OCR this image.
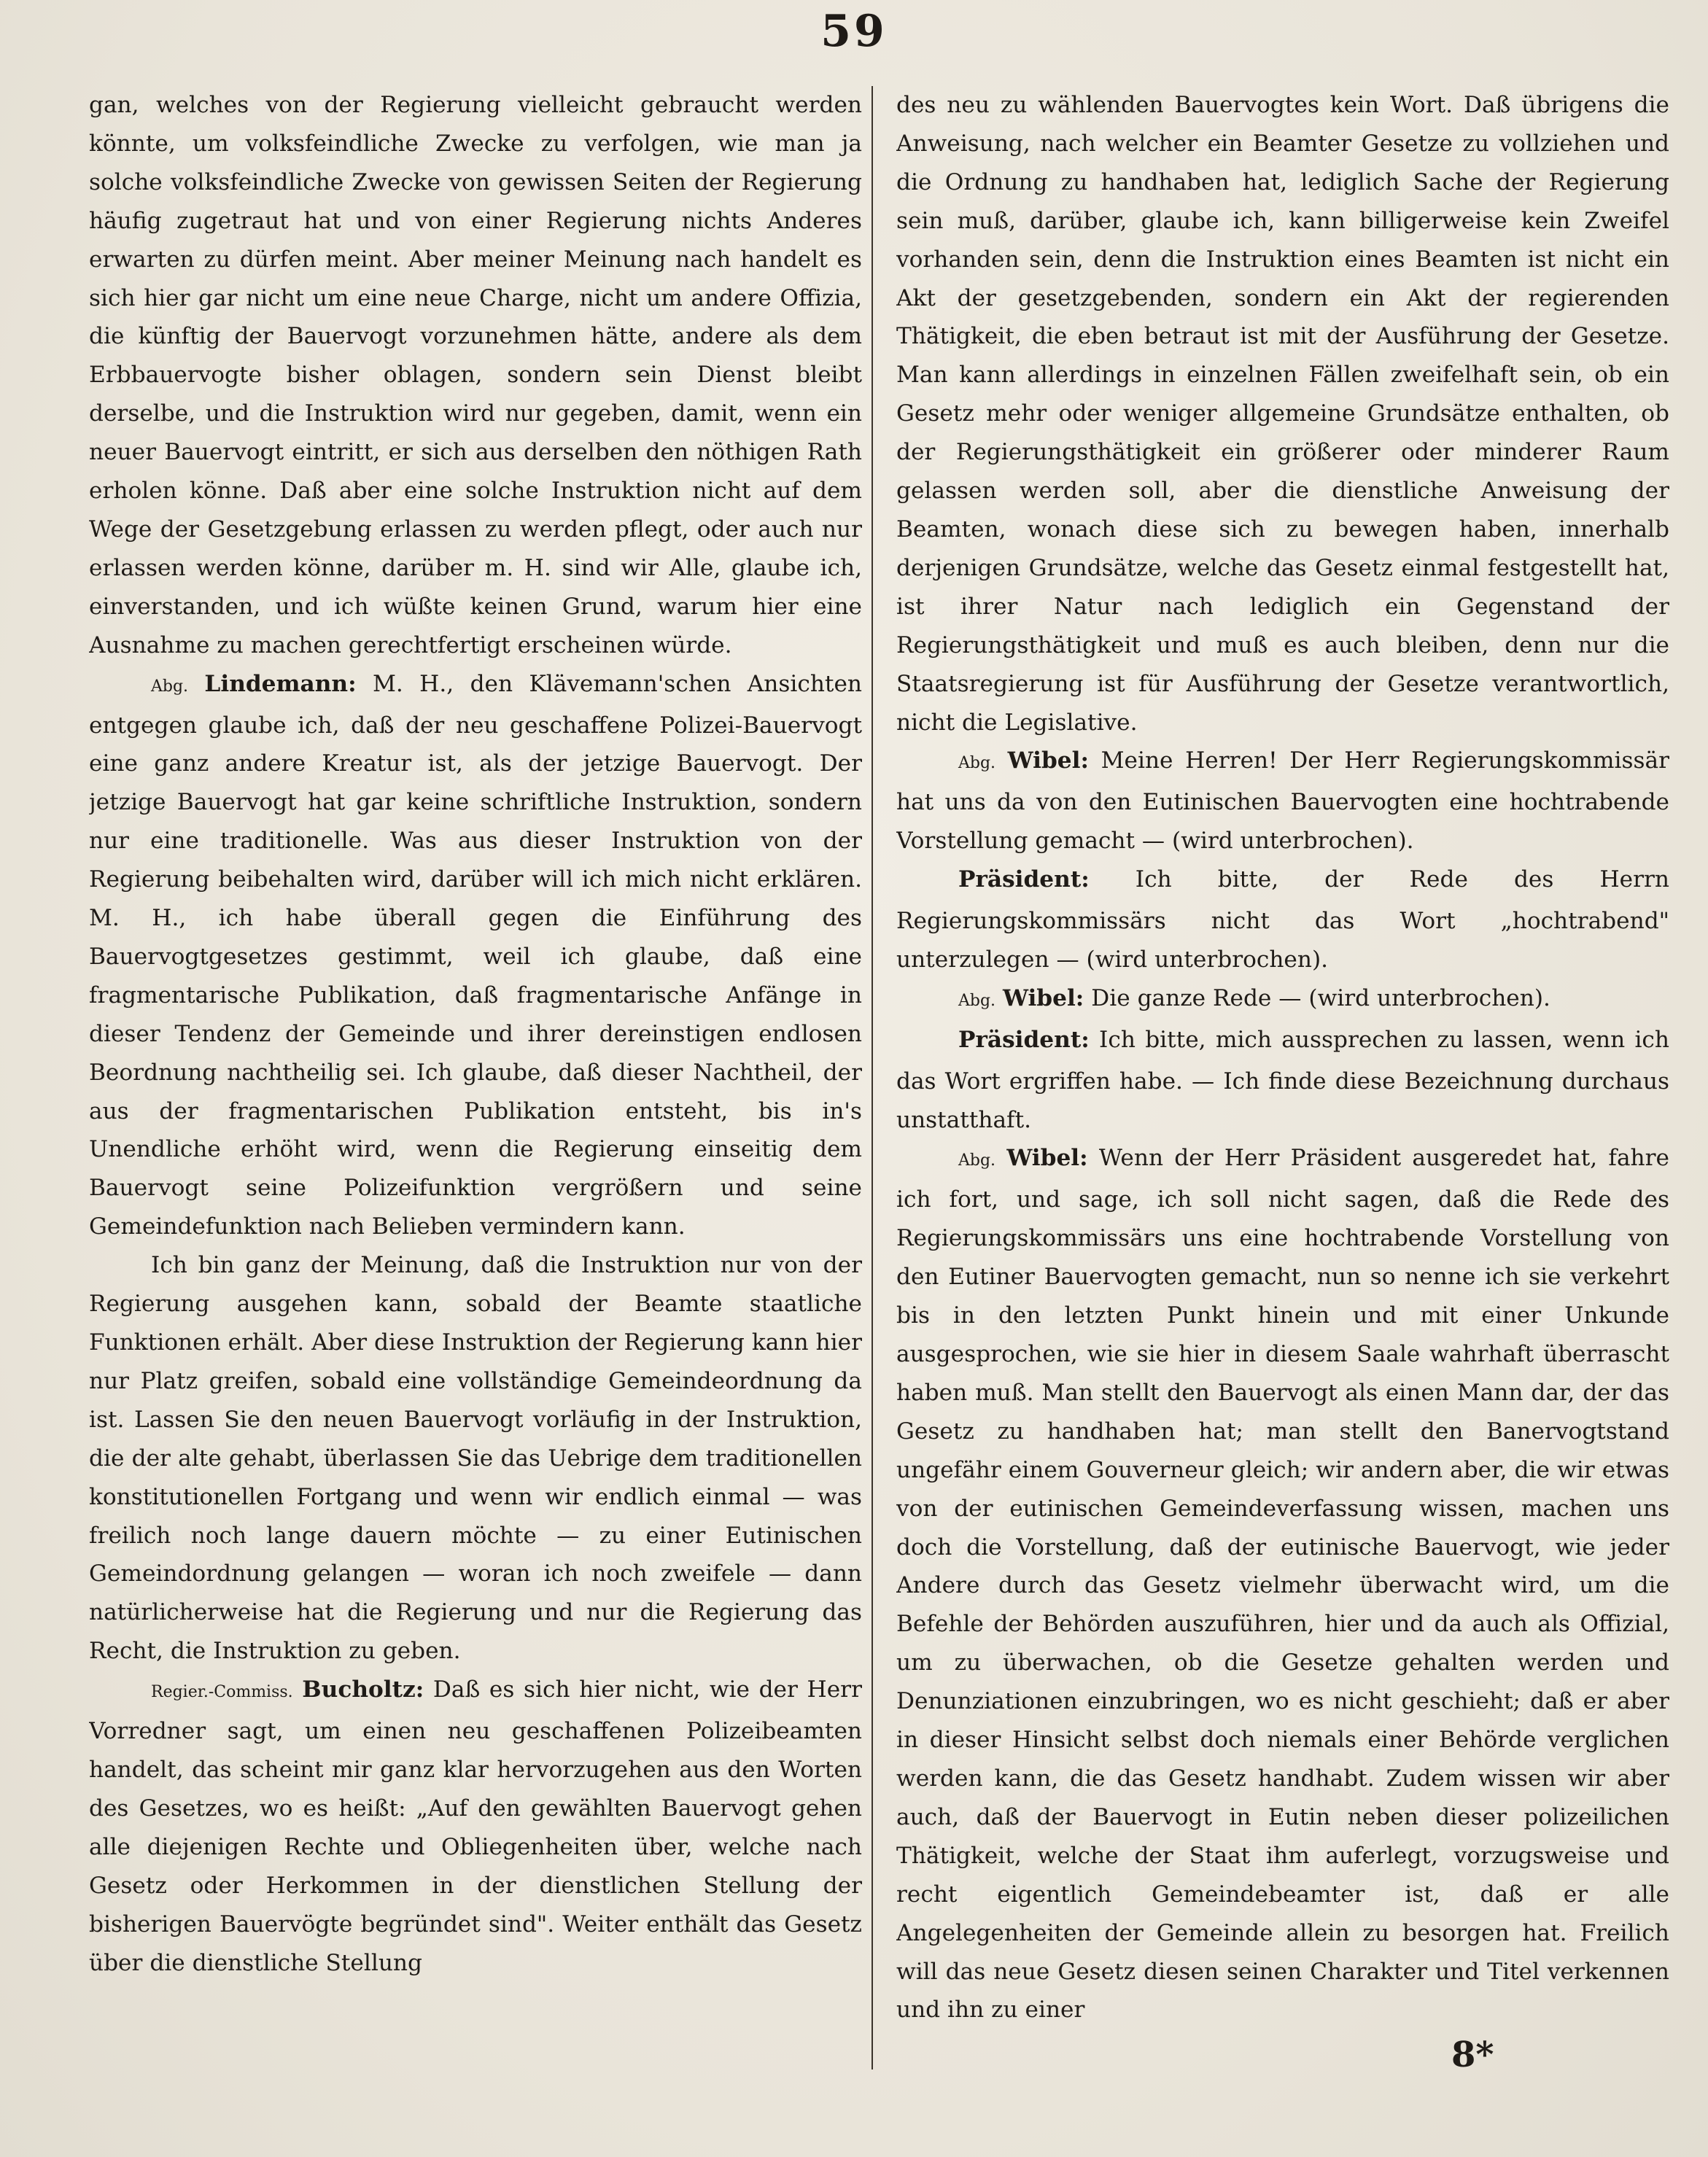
59

gan, welches von der Regierung vielleicht gebraucht werden könnte, um volksfeindliche Zwecke zu verfolgen, wie man ja solche volksfeindliche Zwecke von gewissen Seiten der Regierung häufig zugetraut hat und von einer Regierung nichts Anderes erwarten zu dürfen meint. Aber meiner Meinung nach handelt es sich hier gar nicht um eine neue Charge, nicht um andere Offizia, die künftig der Bauervogt vorzunehmen hätte, andere als dem Erbbauervogte bisher oblagen, sondern sein Dienst bleibt derselbe, und die Instruktion wird nur gegeben, damit, wenn ein neuer Bauervogt eintritt, er sich aus derselben den nöthigen Rath erholen könne. Daß aber eine solche Instruktion nicht auf dem Wege der Gesetzgebung erlassen zu werden pflegt, oder auch nur erlassen werden könne, darüber m. H. sind wir Alle, glaube ich, einverstanden, und ich wüßte keinen Grund, warum hier eine Ausnahme zu machen gerechtfertigt erscheinen würde.

Abg. Lindemann: M. H., den Klävemann'schen Ansichten entgegen glaube ich, daß der neu geschaffene Polizei-Bauervogt eine ganz andere Kreatur ist, als der jetzige Bauervogt. Der jetzige Bauervogt hat gar keine schriftliche Instruktion, sondern nur eine traditionelle. Was aus dieser Instruktion von der Regierung beibehalten wird, darüber will ich mich nicht erklären. M. H., ich habe überall gegen die Einführung des Bauervogtgesetzes gestimmt, weil ich glaube, daß eine fragmentarische Publikation, daß fragmentarische Anfänge in dieser Tendenz der Gemeinde und ihrer dereinstigen endlosen Beordnung nachtheilig sei. Ich glaube, daß dieser Nachtheil, der aus der fragmentarischen Publikation entsteht, bis in's Unendliche erhöht wird, wenn die Regierung einseitig dem Bauervogt seine Polizeifunktion vergrößern und seine Gemeindefunktion nach Belieben vermindern kann.

Ich bin ganz der Meinung, daß die Instruktion nur von der Regierung ausgehen kann, sobald der Beamte staatliche Funktionen erhält. Aber diese Instruktion der Regierung kann hier nur Platz greifen, sobald eine vollständige Gemeindeordnung da ist. Lassen Sie den neuen Bauervogt vorläufig in der Instruktion, die der alte gehabt, überlassen Sie das Uebrige dem traditionellen konstitutionellen Fortgang und wenn wir endlich einmal — was freilich noch lange dauern möchte — zu einer Eutinischen Gemeindordnung gelangen — woran ich noch zweifele — dann natürlicherweise hat die Regierung und nur die Regierung das Recht, die Instruktion zu geben.

Regier.-Commiss. Bucholtz: Daß es sich hier nicht, wie der Herr Vorredner sagt, um einen neu geschaffenen Polizeibeamten handelt, das scheint mir ganz klar hervorzugehen aus den Worten des Gesetzes, wo es heißt: „Auf den gewählten Bauervogt gehen alle diejenigen Rechte und Obliegenheiten über, welche nach Gesetz oder Herkommen in der dienstlichen Stellung der bisherigen Bauervögte begründet sind". Weiter enthält das Gesetz über die dienstliche Stellung

des neu zu wählenden Bauervogtes kein Wort. Daß übrigens die Anweisung, nach welcher ein Beamter Gesetze zu vollziehen und die Ordnung zu handhaben hat, lediglich Sache der Regierung sein muß, darüber, glaube ich, kann billigerweise kein Zweifel vorhanden sein, denn die Instruktion eines Beamten ist nicht ein Akt der gesetzgebenden, sondern ein Akt der regierenden Thätigkeit, die eben betraut ist mit der Ausführung der Gesetze. Man kann allerdings in einzelnen Fällen zweifelhaft sein, ob ein Gesetz mehr oder weniger allgemeine Grundsätze enthalten, ob der Regierungsthätigkeit ein größerer oder minderer Raum gelassen werden soll, aber die dienstliche Anweisung der Beamten, wonach diese sich zu bewegen haben, innerhalb derjenigen Grundsätze, welche das Gesetz einmal festgestellt hat, ist ihrer Natur nach lediglich ein Gegenstand der Regierungsthätigkeit und muß es auch bleiben, denn nur die Staatsregierung ist für Ausführung der Gesetze verantwortlich, nicht die Legislative.

Abg. Wibel: Meine Herren! Der Herr Regierungskommissär hat uns da von den Eutinischen Bauervogten eine hochtrabende Vorstellung gemacht — (wird unterbrochen).

Präsident: Ich bitte, der Rede des Herrn Regierungskommissärs nicht das Wort „hochtrabend" unterzulegen — (wird unterbrochen).

Abg. Wibel: Die ganze Rede — (wird unterbrochen).

Präsident: Ich bitte, mich aussprechen zu lassen, wenn ich das Wort ergriffen habe. — Ich finde diese Bezeichnung durchaus unstatthaft.

Abg. Wibel: Wenn der Herr Präsident ausgeredet hat, fahre ich fort, und sage, ich soll nicht sagen, daß die Rede des Regierungskommissärs uns eine hochtrabende Vorstellung von den Eutiner Bauervogten gemacht, nun so nenne ich sie verkehrt bis in den letzten Punkt hinein und mit einer Unkunde ausgesprochen, wie sie hier in diesem Saale wahrhaft überrascht haben muß. Man stellt den Bauervogt als einen Mann dar, der das Gesetz zu handhaben hat; man stellt den Banervogtstand ungefähr einem Gouverneur gleich; wir andern aber, die wir etwas von der eutinischen Gemeindeverfassung wissen, machen uns doch die Vorstellung, daß der eutinische Bauervogt, wie jeder Andere durch das Gesetz vielmehr überwacht wird, um die Befehle der Behörden auszuführen, hier und da auch als Offizial, um zu überwachen, ob die Gesetze gehalten werden und Denunziationen einzubringen, wo es nicht geschieht; daß er aber in dieser Hinsicht selbst doch niemals einer Behörde verglichen werden kann, die das Gesetz handhabt. Zudem wissen wir aber auch, daß der Bauervogt in Eutin neben dieser polizeilichen Thätigkeit, welche der Staat ihm auferlegt, vorzugsweise und recht eigentlich Gemeindebeamter ist, daß er alle Angelegenheiten der Gemeinde allein zu besorgen hat. Freilich will das neue Gesetz diesen seinen Charakter und Titel verkennen und ihn zu einer

8*
